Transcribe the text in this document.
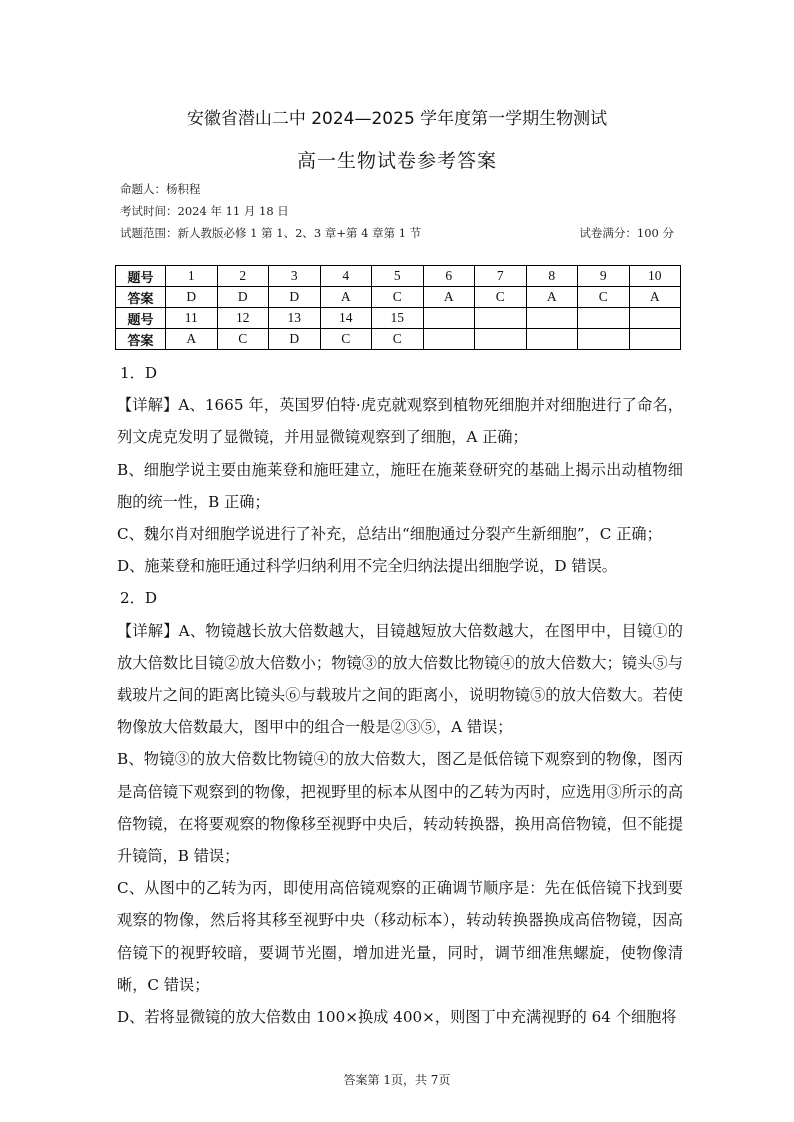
安徽省潜山二中 2024—2025 学年度第一学期生物测试
高一生物试卷参考答案
命题人：杨积程
考试时间：2024 年 11 月 18 日
试题范围：新人教版必修 1 第 1、2、3 章+第 4 章第 1 节	试卷满分：100 分
题号	1	2	3	4	5	6	7	8	9	10
答案	D	D	D	A	C	A	C	A	C	A
题号	11	12	13	14	15					
答案	A	C	D	C	C					

1．D

【详解】A、1665 年，英国罗伯特·虎克就观察到植物死细胞并对细胞进行了命名，列文虎克发明了显微镜，并用显微镜观察到了细胞，A 正确；

B、细胞学说主要由施莱登和施旺建立，施旺在施莱登研究的基础上揭示出动植物细胞的统一性，B 正确；

C、魏尔肖对细胞学说进行了补充，总结出“细胞通过分裂产生新细胞”，C 正确；

D、施莱登和施旺通过科学归纳利用不完全归纳法提出细胞学说，D 错误。

2．D

【详解】A、物镜越长放大倍数越大，目镜越短放大倍数越大，在图甲中，目镜①的放大倍数比目镜②放大倍数小；物镜③的放大倍数比物镜④的放大倍数大；镜头⑤与载玻片之间的距离比镜头⑥与载玻片之间的距离小，说明物镜⑤的放大倍数大。若使物像放大倍数最大，图甲中的组合一般是②③⑤，A 错误；

B、物镜③的放大倍数比物镜④的放大倍数大，图乙是低倍镜下观察到的物像，图丙是高倍镜下观察到的物像，把视野里的标本从图中的乙转为丙时，应选用③所示的高倍物镜，在将要观察的物像移至视野中央后，转动转换器，换用高倍物镜，但不能提升镜筒，B 错误；

C、从图中的乙转为丙，即使用高倍镜观察的正确调节顺序是：先在低倍镜下找到要观察的物像，然后将其移至视野中央（移动标本），转动转换器换成高倍物镜，因高倍镜下的视野较暗，要调节光圈，增加进光量，同时，调节细准焦螺旋，使物像清晰，C 错误；

D、若将显微镜的放大倍数由 100×换成 400×，则图丁中充满视野的 64 个细胞将

答案第 1页，共 7页
